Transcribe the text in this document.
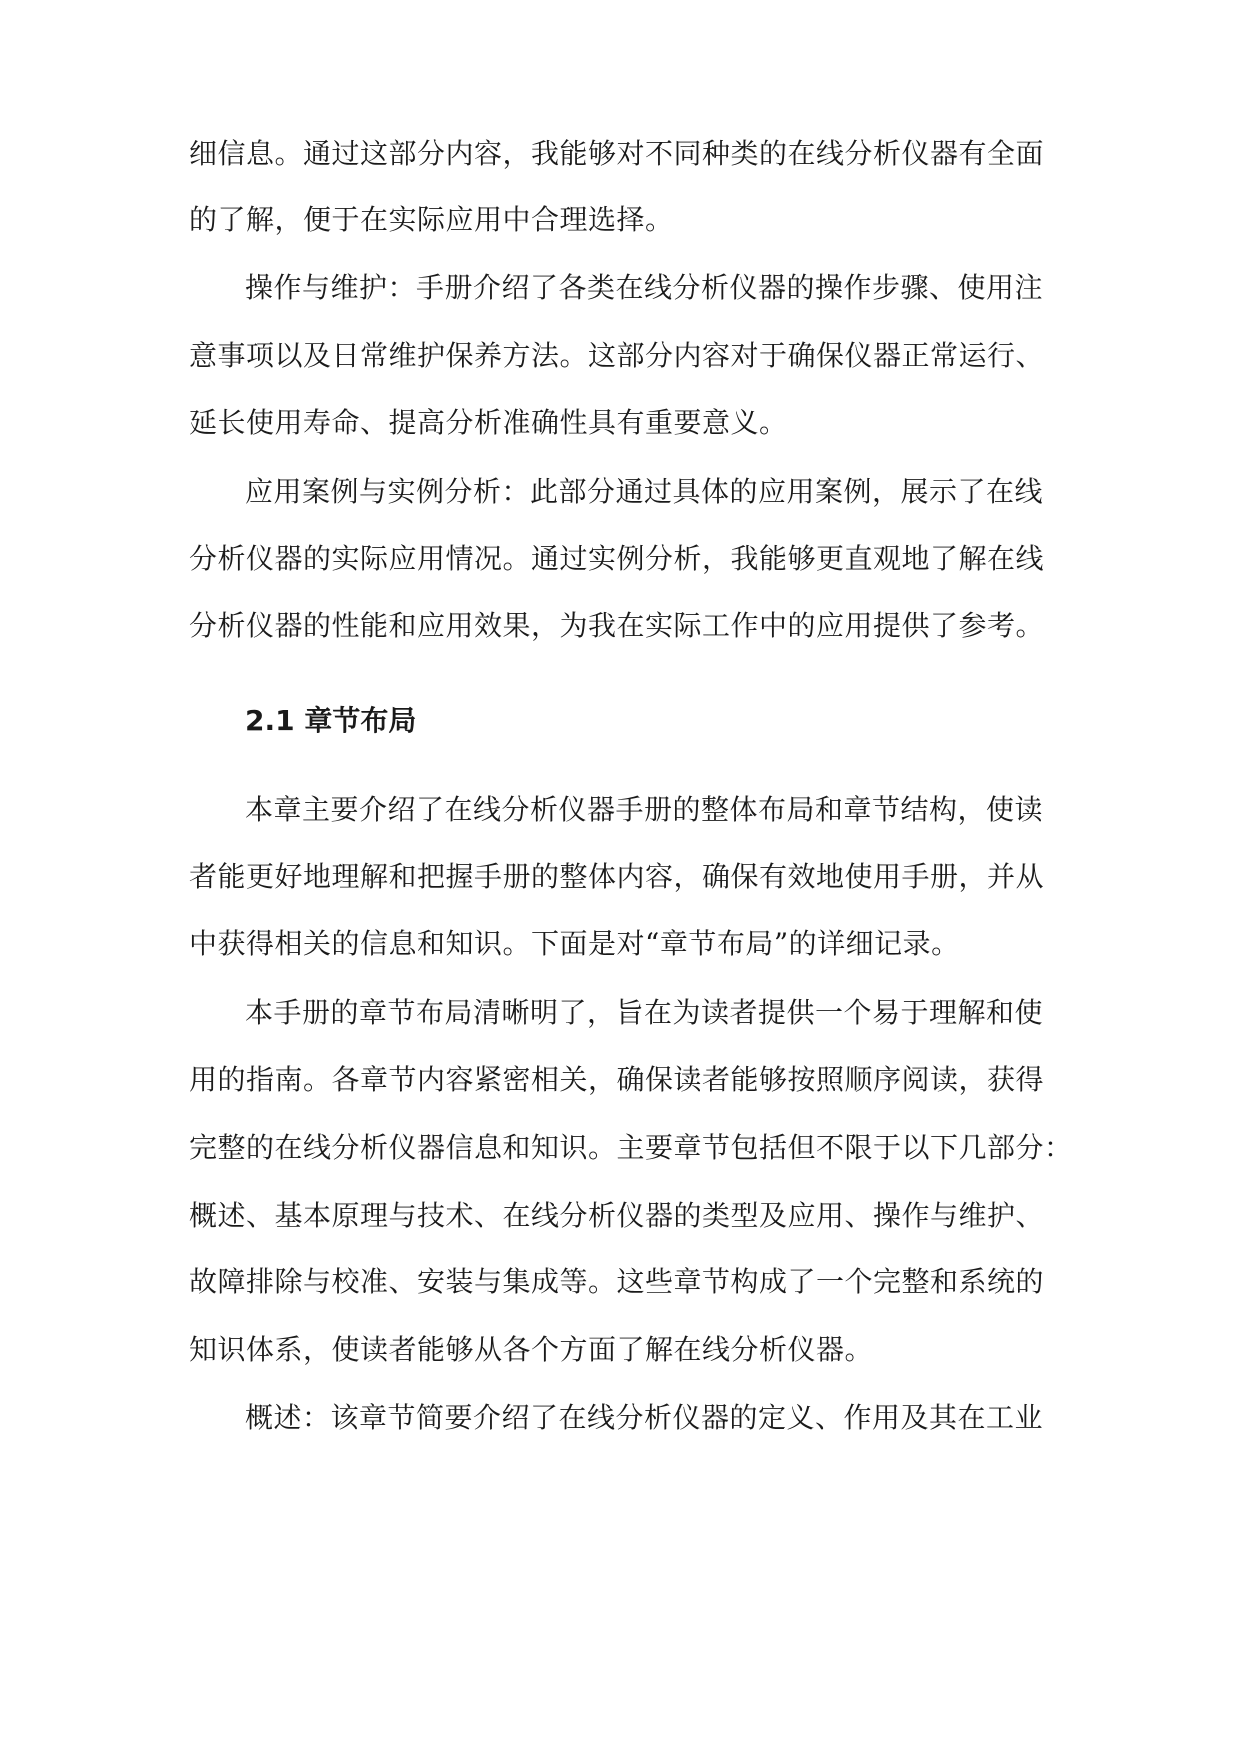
细信息。通过这部分内容，我能够对不同种类的在线分析仪器有全面
的了解，便于在实际应用中合理选择。
操作与维护：手册介绍了各类在线分析仪器的操作步骤、使用注
意事项以及日常维护保养方法。这部分内容对于确保仪器正常运行、
延长使用寿命、提高分析准确性具有重要意义。
应用案例与实例分析：此部分通过具体的应用案例，展示了在线
分析仪器的实际应用情况。通过实例分析，我能够更直观地了解在线
分析仪器的性能和应用效果，为我在实际工作中的应用提供了参考。
2.1 章节布局
本章主要介绍了在线分析仪器手册的整体布局和章节结构，使读
者能更好地理解和把握手册的整体内容，确保有效地使用手册，并从
中获得相关的信息和知识。下面是对“章节布局”的详细记录。
本手册的章节布局清晰明了，旨在为读者提供一个易于理解和使
用的指南。各章节内容紧密相关，确保读者能够按照顺序阅读，获得
完整的在线分析仪器信息和知识。主要章节包括但不限于以下几部分：
概述、基本原理与技术、在线分析仪器的类型及应用、操作与维护、
故障排除与校准、安装与集成等。这些章节构成了一个完整和系统的
知识体系，使读者能够从各个方面了解在线分析仪器。
概述：该章节简要介绍了在线分析仪器的定义、作用及其在工业
